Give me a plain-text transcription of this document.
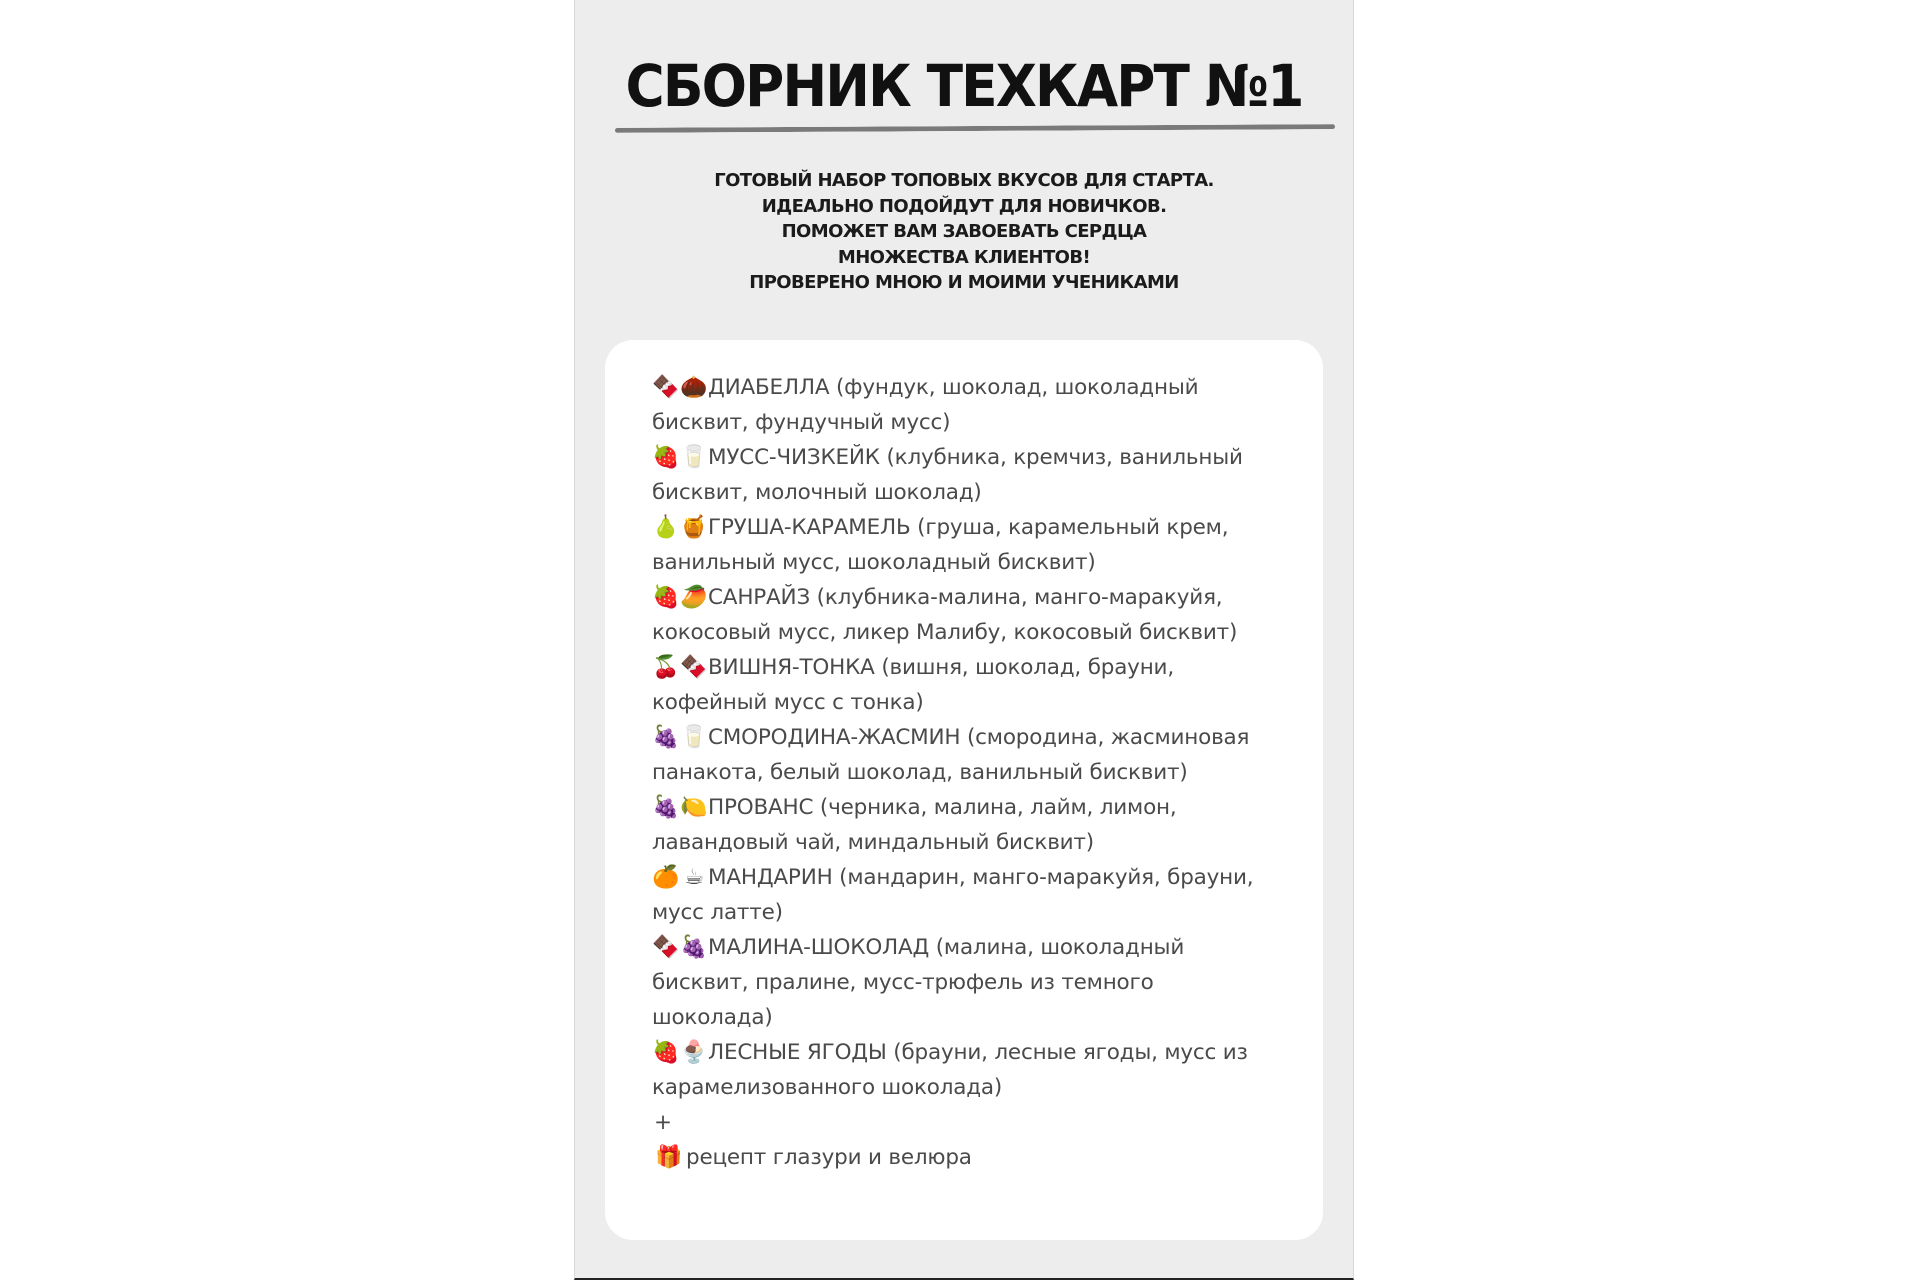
СБОРНИК ТЕХКАРТ №1
ГОТОВЫЙ НАБОР ТОПОВЫХ ВКУСОВ ДЛЯ СТАРТА.
ИДЕАЛЬНО ПОДОЙДУТ ДЛЯ НОВИЧКОВ.
ПОМОЖЕТ ВАМ ЗАВОЕВАТЬ СЕРДЦА
МНОЖЕСТВА КЛИЕНТОВ!
ПРОВЕРЕНО МНОЮ И МОИМИ УЧЕНИКАМИ
🍫🌰ДИАБЕЛЛА (фундук, шоколад, шоколадный бисквит, фундучный мусс)
🍓🥛МУСС-ЧИЗКЕЙК (клубника, кремчиз, ванильный бисквит, молочный шоколад)
🍐🍯ГРУША-КАРАМЕЛЬ (груша, карамельный крем, ванильный мусс, шоколадный бисквит)
🍓🥭САНРАЙЗ (клубника-малина, манго-маракуйя, кокосовый мусс, ликер Малибу, кокосовый бисквит)
🍒🍫ВИШНЯ-ТОНКА (вишня, шоколад, брауни, кофейный мусс с тонка)
🍇🥛СМОРОДИНА-ЖАСМИН (смородина, жасминовая панакота, белый шоколад, ванильный бисквит)
🍇🍋ПРОВАНС (черника, малина, лайм, лимон, лавандовый чай, миндальный бисквит)
🍊 ☕ МАНДАРИН (мандарин, манго-маракуйя, брауни, мусс латте)
🍫🍇МАЛИНА-ШОКОЛАД (малина, шоколадный бисквит, пралине, мусс-трюфель из темного шоколада)
🍓🍨ЛЕСНЫЕ ЯГОДЫ (брауни, лесные ягоды, мусс из карамелизованного шоколада)
+
🎁 рецепт глазури и велюра
